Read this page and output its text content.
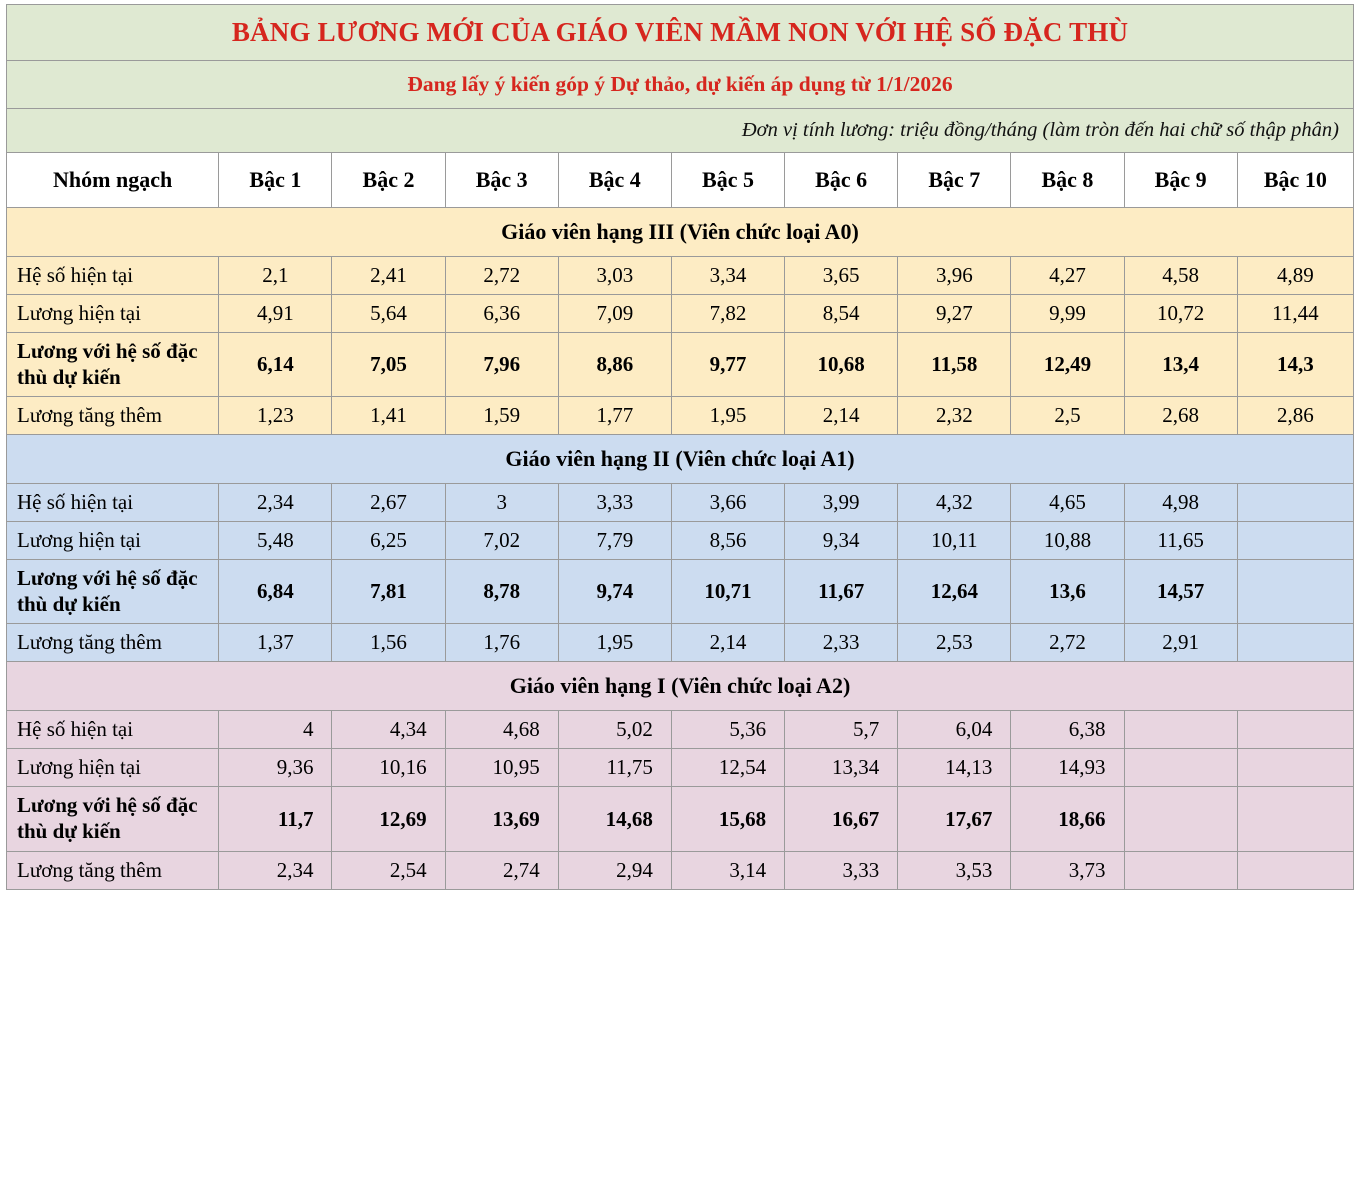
BẢNG LƯƠNG MỚI CỦA GIÁO VIÊN MẦM NON VỚI HỆ SỐ ĐẶC THÙ										
Đang lấy ý kiến góp ý Dự thảo, dự kiến áp dụng từ 1/1/2026										
Đơn vị tính lương: triệu đồng/tháng (làm tròn đến hai chữ số thập phân)										
Nhóm ngạch	Bậc 1	Bậc 2	Bậc 3	Bậc 4	Bậc 5	Bậc 6	Bậc 7	Bậc 8	Bậc 9	Bậc 10
Giáo viên hạng III (Viên chức loại A0)										
Hệ số hiện tại	2,1	2,41	2,72	3,03	3,34	3,65	3,96	4,27	4,58	4,89
Lương hiện tại	4,91	5,64	6,36	7,09	7,82	8,54	9,27	9,99	10,72	11,44
Lương với hệ số đặc thù dự kiến	6,14	7,05	7,96	8,86	9,77	10,68	11,58	12,49	13,4	14,3
Lương tăng thêm	1,23	1,41	1,59	1,77	1,95	2,14	2,32	2,5	2,68	2,86
Giáo viên hạng II (Viên chức loại A1)										
Hệ số hiện tại	2,34	2,67	3	3,33	3,66	3,99	4,32	4,65	4,98	
Lương hiện tại	5,48	6,25	7,02	7,79	8,56	9,34	10,11	10,88	11,65	
Lương với hệ số đặc thù dự kiến	6,84	7,81	8,78	9,74	10,71	11,67	12,64	13,6	14,57	
Lương tăng thêm	1,37	1,56	1,76	1,95	2,14	2,33	2,53	2,72	2,91	
Giáo viên hạng I (Viên chức loại A2)										
Hệ số hiện tại	4	4,34	4,68	5,02	5,36	5,7	6,04	6,38		
Lương hiện tại	9,36	10,16	10,95	11,75	12,54	13,34	14,13	14,93		
Lương với hệ số đặc thù dự kiến	11,7	12,69	13,69	14,68	15,68	16,67	17,67	18,66		
Lương tăng thêm	2,34	2,54	2,74	2,94	3,14	3,33	3,53	3,73		
